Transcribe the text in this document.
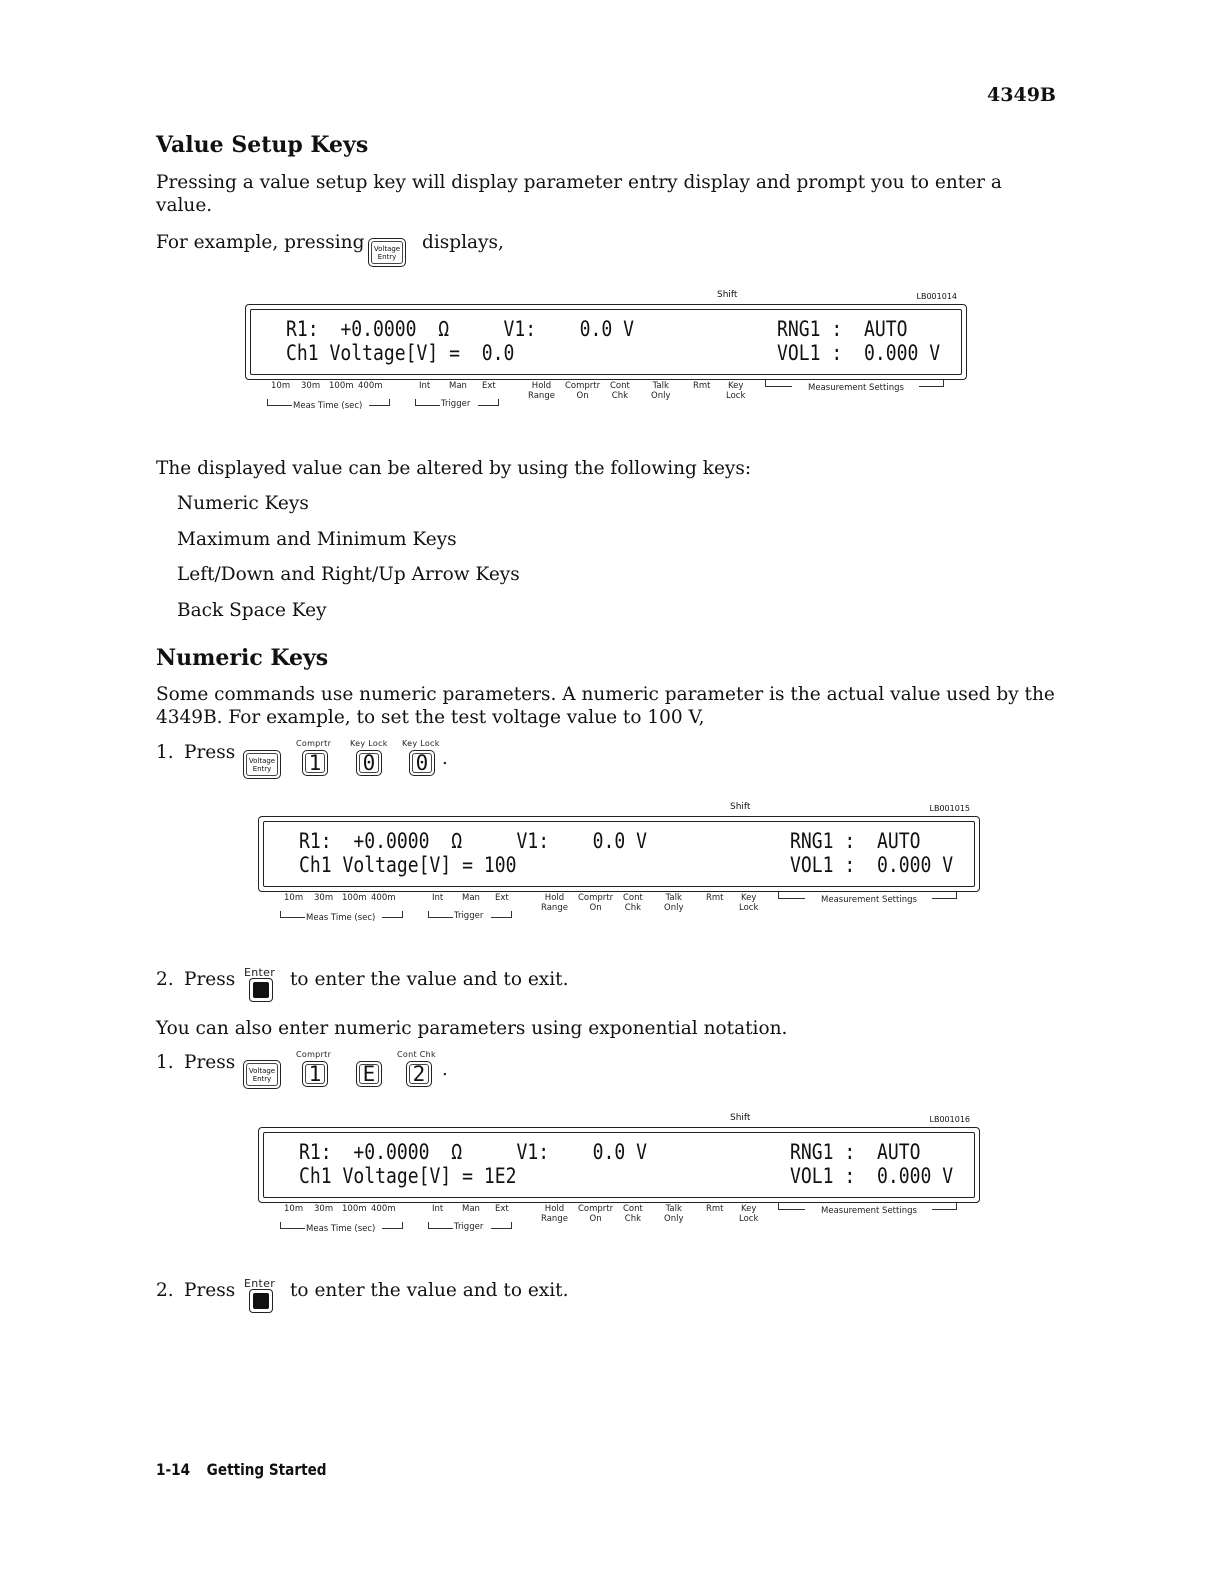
4349B
Value Setup Keys

Pressing a value setup key will display parameter entry display and prompt you to enter a value.

For example, pressing Voltage
Entry

displays,

Shift	LB001014
R1:  +0.0000  Ω     V1:    0.0 V
Ch1 Voltage[V] =  0.0
RNG1 :  AUTO
VOL1 :  0.000 V
10m 30m 100m 400m	Int Man Ext	Hold
Range
Comprtr
On
Cont
Chk
Talk
Only
Rmt Key
Lock
Measurement Settings
Meas Time (sec)	Trigger

The displayed value can be altered by using the following keys:

Numeric Keys
Maximum and Minimum Keys
Left/Down and Right/Up Arrow Keys
Back Space Key
Numeric Keys

Some commands use numeric parameters. A numeric parameter is the actual value used by the 4349B. For example, to set the test voltage value to 100 V,

1. Press Voltage
Entry
Comprtr
1
Key Lock
0
Key Lock
0 .
Shift	LB001015
R1:  +0.0000  Ω     V1:    0.0 V
Ch1 Voltage[V] = 100
RNG1 :  AUTO
VOL1 :  0.000 V
10m 30m 100m 400m	Int Man Ext	Hold
Range
Comprtr
On
Cont
Chk
Talk
Only
Rmt Key
Lock
Measurement Settings
Meas Time (sec)	Trigger
2. Press Enter to enter the value and to exit.

You can also enter numeric parameters using exponential notation.

1. Press Voltage
Entry
Comprtr
1	E
Cont Chk
2 .
Shift	LB001016
R1:  +0.0000  Ω     V1:    0.0 V
Ch1 Voltage[V] = 1E2
RNG1 :  AUTO
VOL1 :  0.000 V
10m 30m 100m 400m	Int Man Ext	Hold
Range
Comprtr
On
Cont
Chk
Talk
Only
Rmt Key
Lock
Measurement Settings
Meas Time (sec)	Trigger
2. Press Enter to enter the value and to exit.
1-14 Getting Started
